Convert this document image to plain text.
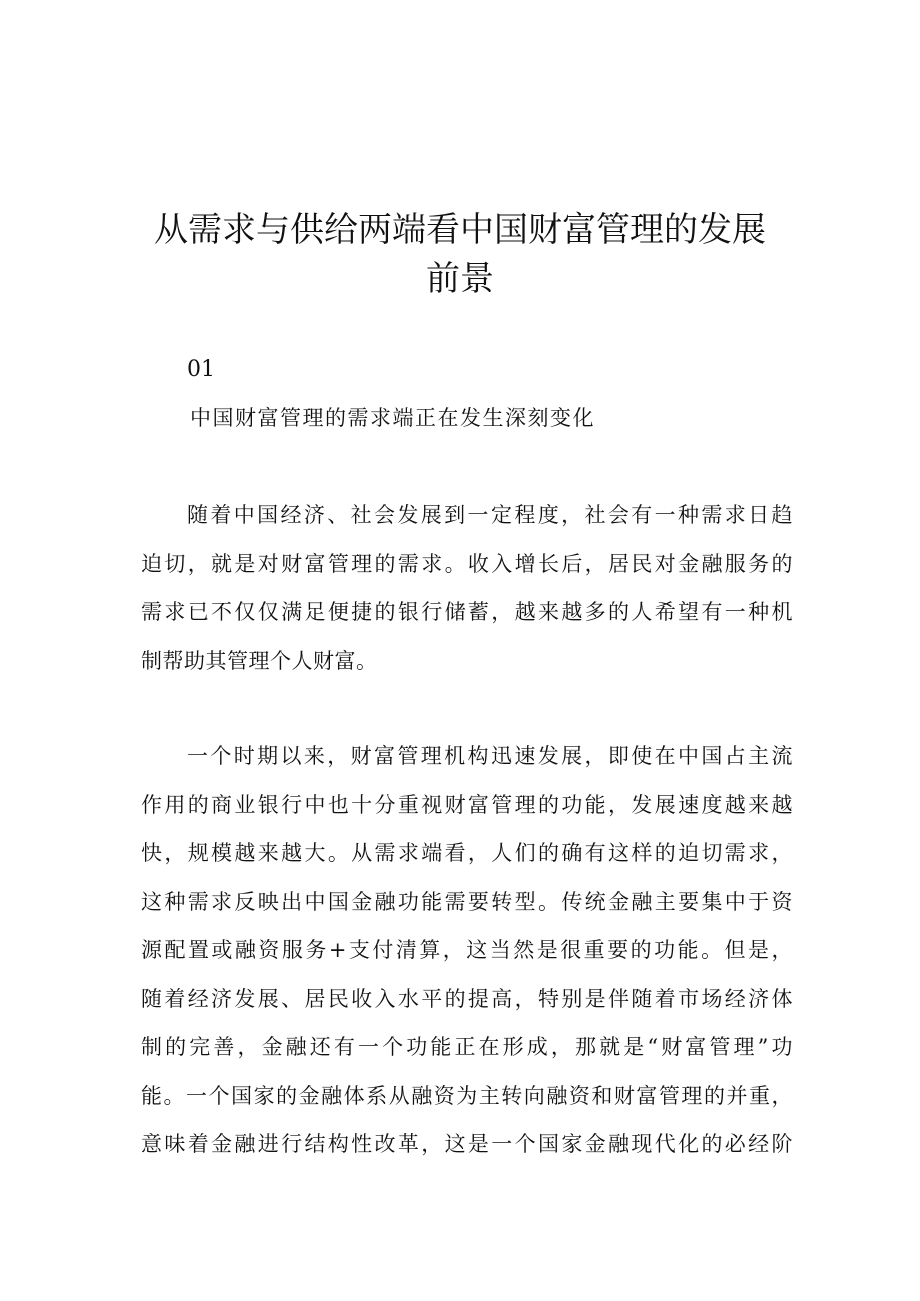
从需求与供给两端看中国财富管理的发展
前景
01
中国财富管理的需求端正在发生深刻变化
随着中国经济、社会发展到一定程度，社会有一种需求日趋
迫切，就是对财富管理的需求。收入增长后，居民对金融服务的
需求已不仅仅满足便捷的银行储蓄，越来越多的人希望有一种机
制帮助其管理个人财富。
一个时期以来，财富管理机构迅速发展，即使在中国占主流
作用的商业银行中也十分重视财富管理的功能，发展速度越来越
快，规模越来越大。从需求端看，人们的确有这样的迫切需求，
这种需求反映出中国金融功能需要转型。传统金融主要集中于资
源配置或融资服务+支付清算，这当然是很重要的功能。但是，
随着经济发展、居民收入水平的提高，特别是伴随着市场经济体
制的完善，金融还有一个功能正在形成，那就是“财富管理”功
能。一个国家的金融体系从融资为主转向融资和财富管理的并重，
意味着金融进行结构性改革，这是一个国家金融现代化的必经阶
